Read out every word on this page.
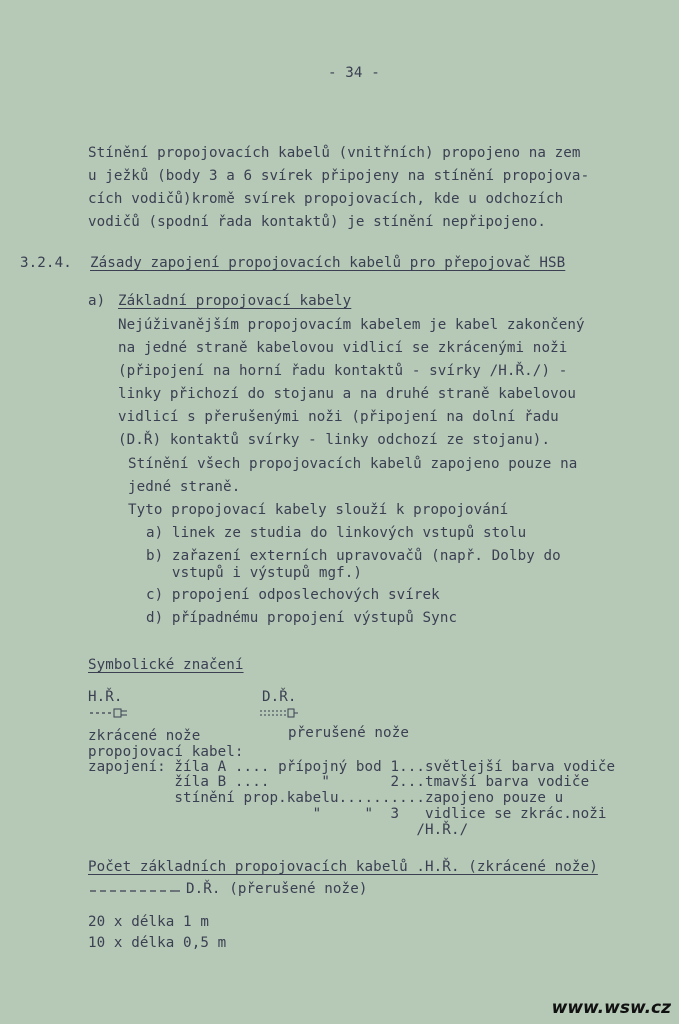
- 34 -
Stínění propojovacích kabelů (vnitřních) propojeno na zem
u ježků (body 3 a 6 svírek připojeny na stínění propojova-
cích vodičů)kromě svírek propojovacích, kde u odchozích
vodičů (spodní řada kontaktů) je stínění nepřipojeno.
3.2.4. Zásady zapojení propojovacích kabelů pro přepojovač HSB
a) Základní propojovací kabely
Nejúživanějším propojovacím kabelem je kabel zakončený
na jedné straně kabelovou vidlicí se zkrácenými noži
(připojení na horní řadu kontaktů - svírky /H.Ř./) -
linky přichozí do stojanu a na druhé straně kabelovou
vidlicí s přerušenými noži (připojení na dolní řadu
(D.Ř) kontaktů svírky - linky odchozí ze stojanu).
Stínění všech propojovacích kabelů zapojeno pouze na
jedné straně.
Tyto propojovací kabely slouží k propojování
a) linek ze studia do linkových vstupů stolu
b) zařazení externích upravovačů (např. Dolby do
vstupů i výstupů mgf.)
c) propojení odposlechových svírek
d) případnému propojení výstupů Sync
Symbolické značení
H.Ř.	D.Ř.
zkrácené nože	přerušené nože
propojovací kabel:
zapojení: žíla A .... přípojný bod 1...světlejší barva vodiče
žíla B ....      "       2...tmavší barva vodiče
stínění prop.kabelu..........zapojeno pouze u
"     "  3   vidlice se zkrác.noži
/H.Ř./
Počet základních propojovacích kabelů .H.Ř. (zkrácené nože)
D.Ř. (přerušené nože)
20 x délka 1 m
10 x délka 0,5 m
www.wsw.cz
